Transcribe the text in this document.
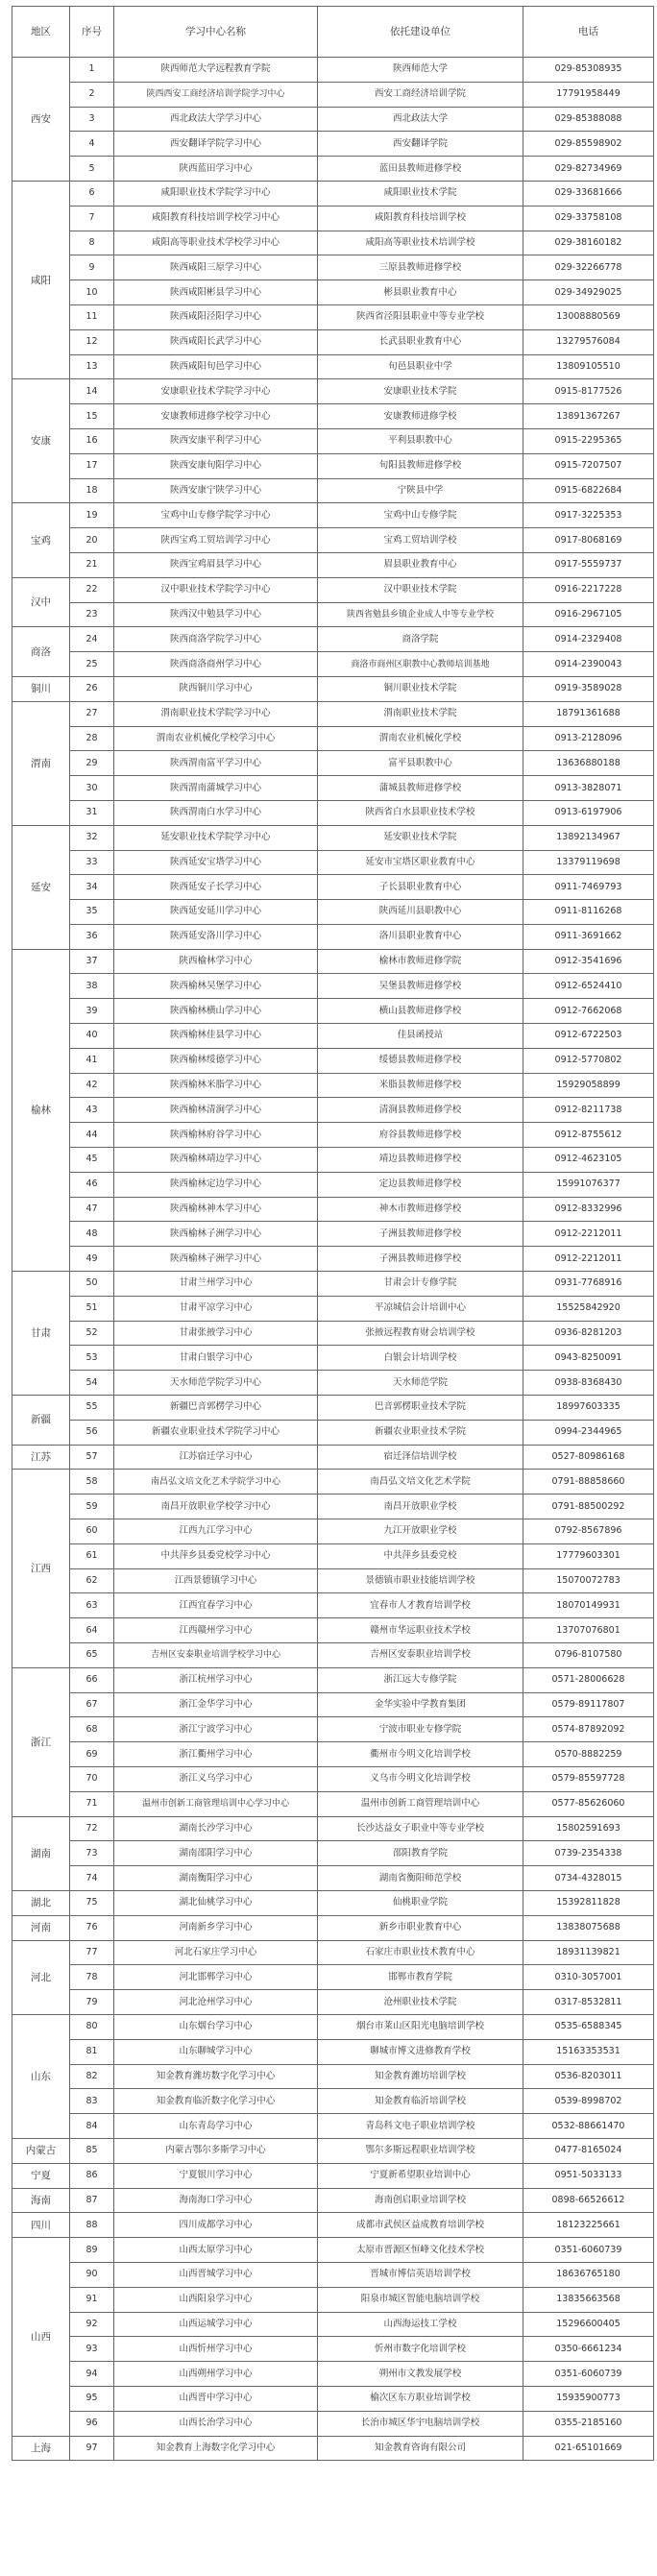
地区	序号	学习中心名称	依托建设单位	电话
西安	1	陕西师范大学远程教育学院	陕西师范大学	029-85308935
	2	陕西西安工商经济培训学院学习中心	西安工商经济培训学院	17791958449
	3	西北政法大学学习中心	西北政法大学	029-85388088
	4	西安翻译学院学习中心	西安翻译学院	029-85598902
	5	陕西蓝田学习中心	蓝田县教师进修学校	029-82734969
咸阳	6	咸阳职业技术学院学习中心	咸阳职业技术学院	029-33681666
	7	咸阳教育科技培训学校学习中心	咸阳教育科技培训学校	029-33758108
	8	咸阳高等职业技术学校学习中心	咸阳高等职业技术培训学校	029-38160182
	9	陕西咸阳三原学习中心	三原县教师进修学校	029-32266778
	10	陕西咸阳彬县学习中心	彬县职业教育中心	029-34929025
	11	陕西咸阳泾阳学习中心	陕西省泾阳县职业中等专业学校	13008880569
	12	陕西咸阳长武学习中心	长武县职业教育中心	13279576084
	13	陕西咸阳旬邑学习中心	旬邑县职业中学	13809105510
安康	14	安康职业技术学院学习中心	安康职业技术学院	0915-8177526
	15	安康教师进修学校学习中心	安康教师进修学校	13891367267
	16	陕西安康平利学习中心	平利县职教中心	0915-2295365
	17	陕西安康旬阳学习中心	旬阳县教师进修学校	0915-7207507
	18	陕西安康宁陕学习中心	宁陕县中学	0915-6822684
宝鸡	19	宝鸡中山专修学院学习中心	宝鸡中山专修学院	0917-3225353
	20	陕西宝鸡工贸培训学习中心	宝鸡工贸培训学校	0917-8068169
	21	陕西宝鸡眉县学习中心	眉县职业教育中心	0917-5559737
汉中	22	汉中职业技术学院学习中心	汉中职业技术学院	0916-2217228
	23	陕西汉中勉县学习中心	陕西省勉县乡镇企业成人中等专业学校	0916-2967105
商洛	24	陕西商洛学院学习中心	商洛学院	0914-2329408
	25	陕西商洛商州学习中心	商洛市商州区职教中心教师培训基地	0914-2390043
铜川	26	陕西铜川学习中心	铜川职业技术学院	0919-3589028
渭南	27	渭南职业技术学院学习中心	渭南职业技术学院	18791361688
	28	渭南农业机械化学校学习中心	渭南农业机械化学校	0913-2128096
	29	陕西渭南富平学习中心	富平县职教中心	13636880188
	30	陕西渭南蒲城学习中心	蒲城县教师进修学校	0913-3828071
	31	陕西渭南白水学习中心	陕西省白水县职业技术学校	0913-6197906
延安	32	延安职业技术学院学习中心	延安职业技术学院	13892134967
	33	陕西延安宝塔学习中心	延安市宝塔区职业教育中心	13379119698
	34	陕西延安子长学习中心	子长县职业教育中心	0911-7469793
	35	陕西延安延川学习中心	陕西延川县职教中心	0911-8116268
	36	陕西延安洛川学习中心	洛川县职业教育中心	0911-3691662
榆林	37	陕西榆林学习中心	榆林市教师进修学院	0912-3541696
	38	陕西榆林吴堡学习中心	吴堡县教师进修学校	0912-6524410
	39	陕西榆林横山学习中心	横山县教师进修学校	0912-7662068
	40	陕西榆林佳县学习中心	佳县函授站	0912-6722503
	41	陕西榆林绥德学习中心	绥德县教师进修学校	0912-5770802
	42	陕西榆林米脂学习中心	米脂县教师进修学校	15929058899
	43	陕西榆林清涧学习中心	清涧县教师进修学校	0912-8211738
	44	陕西榆林府谷学习中心	府谷县教师进修学校	0912-8755612
	45	陕西榆林靖边学习中心	靖边县教师进修学校	0912-4623105
	46	陕西榆林定边学习中心	定边县教师进修学校	15991076377
	47	陕西榆林神木学习中心	神木市教师进修学校	0912-8332996
	48	陕西榆林子洲学习中心	子洲县教师进修学校	0912-2212011
	49	陕西榆林子洲学习中心	子洲县教师进修学校	0912-2212011
甘肃	50	甘肃兰州学习中心	甘肃会计专修学院	0931-7768916
	51	甘肃平凉学习中心	平凉城信会计培训中心	15525842920
	52	甘肃张掖学习中心	张掖远程教育财会培训学校	0936-8281203
	53	甘肃白银学习中心	白银会计培训学校	0943-8250091
	54	天水师范学院学习中心	天水师范学院	0938-8368430
新疆	55	新疆巴音郭楞学习中心	巴音郭楞职业技术学院	18997603335
	56	新疆农业职业技术学院学习中心	新疆农业职业技术学院	0994-2344965
江苏	57	江苏宿迁学习中心	宿迁泽信培训学校	0527-80986168
江西	58	南昌弘文培文化艺术学院学习中心	南昌弘文培文化艺术学院	0791-88858660
	59	南昌开放职业学校学习中心	南昌开放职业学校	0791-88500292
	60	江西九江学习中心	九江开放职业学校	0792-8567896
	61	中共萍乡县委党校学习中心	中共萍乡县委党校	17779603301
	62	江西景德镇学习中心	景德镇市职业技能培训学校	15070072783
	63	江西宜春学习中心	宜春市人才教育培训学校	18070149931
	64	江西赣州学习中心	赣州市华远职业技术学校	13707076801
	65	吉州区安泰职业培训学校学习中心	吉州区安泰职业培训学校	0796-8107580
浙江	66	浙江杭州学习中心	浙江远大专修学院	0571-28006628
	67	浙江金华学习中心	金华实验中学教育集团	0579-89117807
	68	浙江宁波学习中心	宁波市职业专修学院	0574-87892092
	69	浙江衢州学习中心	衢州市今明文化培训学校	0570-8882259
	70	浙江义乌学习中心	义乌市今明文化培训学校	0579-85597728
	71	温州市创新工商管理培训中心学习中心	温州市创新工商管理培训中心	0577-85626060
湖南	72	湖南长沙学习中心	长沙达益女子职业中等专业学校	15802591693
	73	湖南邵阳学习中心	邵阳教育学院	0739-2354338
	74	湖南衡阳学习中心	湖南省衡阳师范学校	0734-4328015
湖北	75	湖北仙桃学习中心	仙桃职业学院	15392811828
河南	76	河南新乡学习中心	新乡市职业教育中心	13838075688
河北	77	河北石家庄学习中心	石家庄市职业技术教育中心	18931139821
	78	河北邯郸学习中心	邯郸市教育学院	0310-3057001
	79	河北沧州学习中心	沧州职业技术学院	0317-8532811
山东	80	山东烟台学习中心	烟台市莱山区阳光电脑培训学校	0535-6588345
	81	山东聊城学习中心	聊城市博文进修教育学校	15163353531
	82	知金教育潍坊数字化学习中心	知金教育潍坊培训学校	0536-8203011
	83	知金教育临沂数字化学习中心	知金教育临沂培训学校	0539-8998702
	84	山东青岛学习中心	青岛科文电子职业培训学校	0532-88661470
内蒙古	85	内蒙古鄂尔多斯学习中心	鄂尔多斯远程职业培训学校	0477-8165024
宁夏	86	宁夏银川学习中心	宁夏新希望职业培训中心	0951-5033133
海南	87	海南海口学习中心	海南创启职业培训学校	0898-66526612
四川	88	四川成都学习中心	成都市武侯区益成教育培训学校	18123225661
山西	89	山西太原学习中心	太原市晋源区恒峰文化技术学校	0351-6060739
	90	山西晋城学习中心	晋城市博信英语培训学校	18636765180
	91	山西阳泉学习中心	阳泉市城区智能电脑培训学校	13835663568
	92	山西运城学习中心	山西海运技工学校	15296600405
	93	山西忻州学习中心	忻州市数字化培训学校	0350-6661234
	94	山西朔州学习中心	朔州市文教发展学校	0351-6060739
	95	山西晋中学习中心	榆次区东方职业培训学校	15935900773
	96	山西长治学习中心	长治市城区华宇电脑培训学校	0355-2185160
上海	97	知金教育上海数字化学习中心	知金教育咨询有限公司	021-65101669
